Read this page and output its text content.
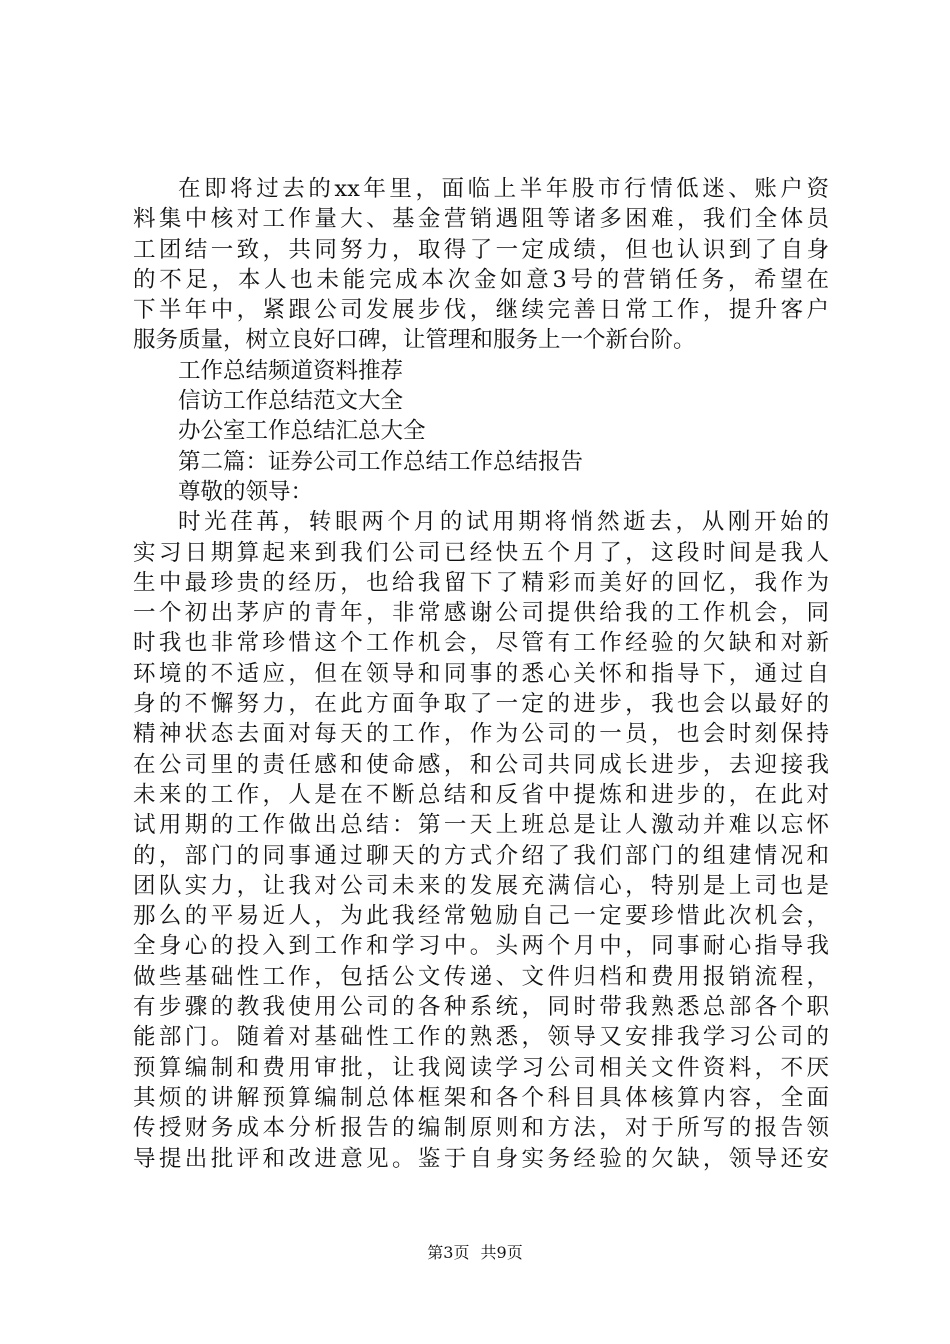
在即将过去的xx年里，面临上半年股市行情低迷、账户资
料集中核对工作量大、基金营销遇阻等诸多困难，我们全体员
工团结一致，共同努力，取得了一定成绩，但也认识到了自身
的不足，本人也未能完成本次金如意3号的营销任务，希望在
下半年中，紧跟公司发展步伐，继续完善日常工作，提升客户
服务质量，树立良好口碑，让管理和服务上一个新台阶。
工作总结频道资料推荐
信访工作总结范文大全
办公室工作总结汇总大全
第二篇：证券公司工作总结工作总结报告
尊敬的领导：
时光荏苒，转眼两个月的试用期将悄然逝去，从刚开始的
实习日期算起来到我们公司已经快五个月了，这段时间是我人
生中最珍贵的经历，也给我留下了精彩而美好的回忆，我作为
一个初出茅庐的青年，非常感谢公司提供给我的工作机会，同
时我也非常珍惜这个工作机会，尽管有工作经验的欠缺和对新
环境的不适应，但在领导和同事的悉心关怀和指导下，通过自
身的不懈努力，在此方面争取了一定的进步，我也会以最好的
精神状态去面对每天的工作，作为公司的一员，也会时刻保持
在公司里的责任感和使命感，和公司共同成长进步，去迎接我
未来的工作，人是在不断总结和反省中提炼和进步的，在此对
试用期的工作做出总结：第一天上班总是让人激动并难以忘怀
的，部门的同事通过聊天的方式介绍了我们部门的组建情况和
团队实力，让我对公司未来的发展充满信心，特别是上司也是
那么的平易近人，为此我经常勉励自己一定要珍惜此次机会，
全身心的投入到工作和学习中。头两个月中，同事耐心指导我
做些基础性工作，包括公文传递、文件归档和费用报销流程，
有步骤的教我使用公司的各种系统，同时带我熟悉总部各个职
能部门。随着对基础性工作的熟悉，领导又安排我学习公司的
预算编制和费用审批，让我阅读学习公司相关文件资料，不厌
其烦的讲解预算编制总体框架和各个科目具体核算内容，全面
传授财务成本分析报告的编制原则和方法，对于所写的报告领
导提出批评和改进意见。鉴于自身实务经验的欠缺，领导还安
第3页 共9页
